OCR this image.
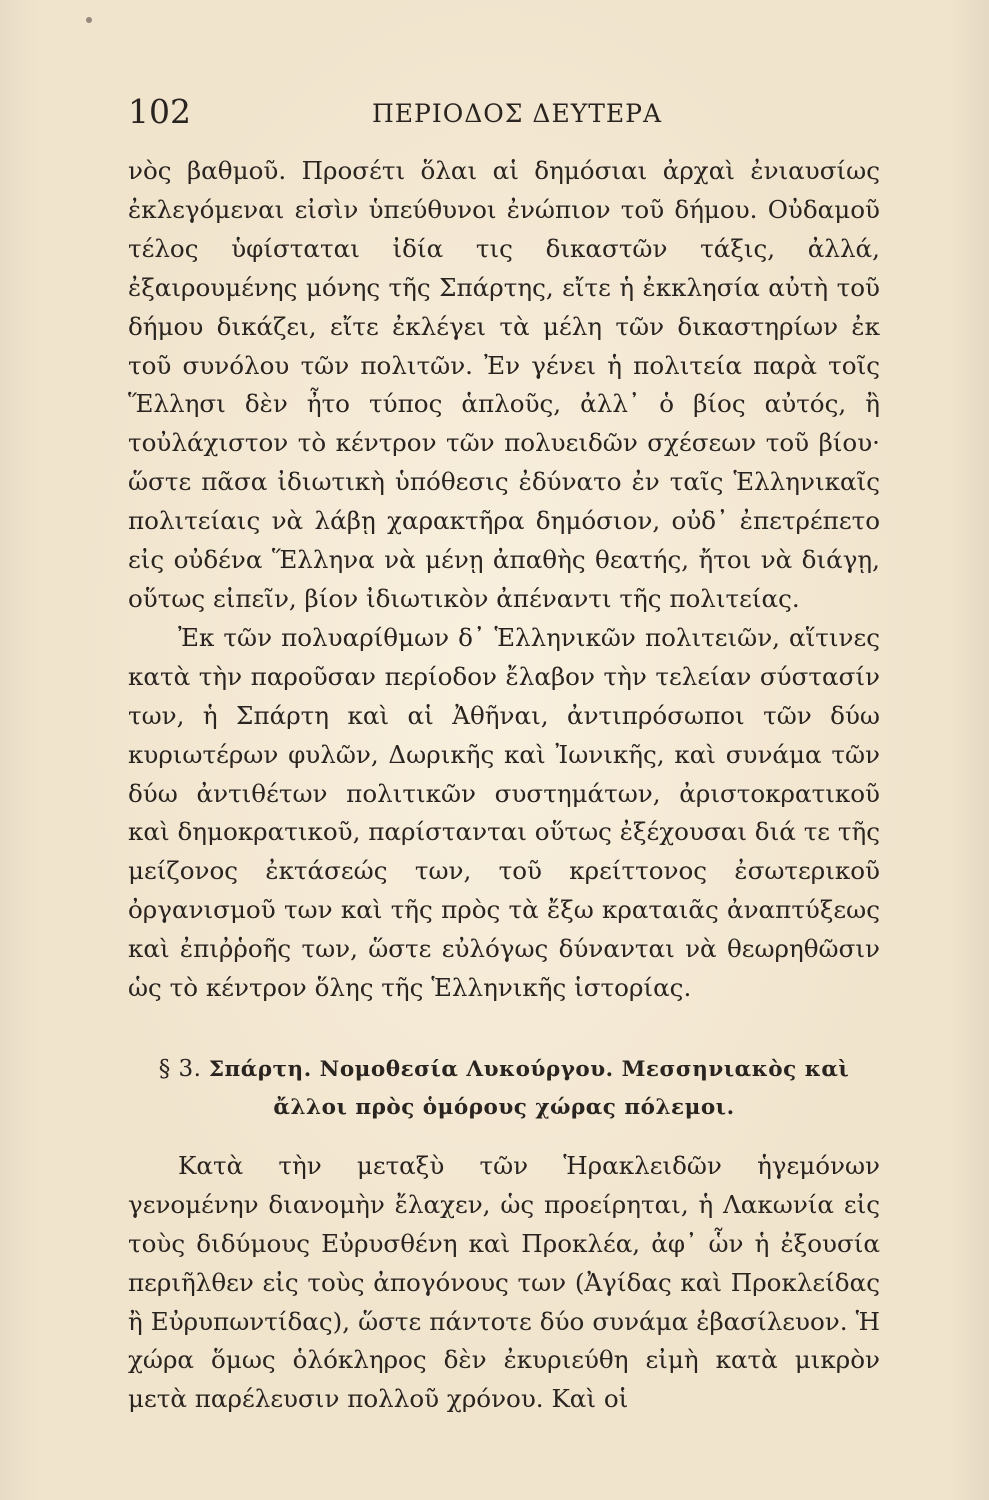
102	ΠΕΡΙΟΔΟΣ ΔΕΥΤΕΡΑ

νὸς βαθμοῦ. Προσέτι ὅλαι αἱ δημόσιαι ἀρχαὶ ἐνιαυσίως ἐκλεγόμεναι εἰσὶν ὑπεύθυνοι ἐνώπιον τοῦ δήμου. Οὐδαμοῦ τέλος ὑφίσταται ἰδία τις δικαστῶν τάξις, ἀλλά, ἐξαιρουμένης μόνης τῆς Σπάρτης, εἴτε ἡ ἐκκλησία αὐτὴ τοῦ δήμου δικάζει, εἴτε ἐκλέγει τὰ μέλη τῶν δικαστηρίων ἐκ τοῦ συνόλου τῶν πολιτῶν. Ἐν γένει ἡ πολιτεία παρὰ τοῖς Ἕλλησι δὲν ἦτο τύπος ἁπλοῦς, ἀλλ᾽ ὁ βίος αὐτός, ἢ τοὐλάχιστον τὸ κέντρον τῶν πολυειδῶν σχέσεων τοῦ βίου· ὥστε πᾶσα ἰδιωτικὴ ὑπόθεσις ἐδύνατο ἐν ταῖς Ἑλληνικαῖς πολιτείαις νὰ λάβῃ χαρακτῆρα δημόσιον, οὐδ᾽ ἐπετρέπετο εἰς οὐδένα Ἕλληνα νὰ μένῃ ἀπαθὴς θεατής, ἤτοι νὰ διάγῃ, οὕτως εἰπεῖν, βίον ἰδιωτικὸν ἀπέναντι τῆς πολιτείας.

Ἐκ τῶν πολυαρίθμων δ᾽ Ἑλληνικῶν πολιτειῶν, αἵτινες κατὰ τὴν παροῦσαν περίοδον ἔλαβον τὴν τελείαν σύστασίν των, ἡ Σπάρτη καὶ αἱ Ἀθῆναι, ἀντιπρόσωποι τῶν δύω κυριωτέρων φυλῶν, Δωρικῆς καὶ Ἰωνικῆς, καὶ συνάμα τῶν δύω ἀντιθέτων πολιτικῶν συστημάτων, ἀριστοκρατικοῦ καὶ δημοκρατικοῦ, παρίστανται οὕτως ἐξέχουσαι διά τε τῆς μείζονος ἐκτάσεώς των, τοῦ κρείττονος ἐσωτερικοῦ ὀργανισμοῦ των καὶ τῆς πρὸς τὰ ἔξω κραταιᾶς ἀναπτύξεως καὶ ἐπιῤῥοῆς των, ὥστε εὐλόγως δύνανται νὰ θεωρηθῶσιν ὡς τὸ κέντρον ὅλης τῆς Ἑλληνικῆς ἱστορίας.

§ 3. Σπάρτη. Νομοθεσία Λυκούργου. Μεσσηνιακὸς καὶ
ἄλλοι πρὸς ὁμόρους χώρας πόλεμοι.

Κατὰ τὴν μεταξὺ τῶν Ἡρακλειδῶν ἡγεμόνων γενομένην διανομὴν ἔλαχεν, ὡς προείρηται, ἡ Λακωνία εἰς τοὺς διδύμους Εὐρυσθένη καὶ Προκλέα, ἀφ᾽ ὧν ἡ ἐξουσία περιῆλθεν εἰς τοὺς ἀπογόνους των (Ἀγίδας καὶ Προκλείδας ἢ Εὐρυπωντίδας), ὥστε πάντοτε δύο συνάμα ἐβασίλευον. Ἡ χώρα ὅμως ὁλόκληρος δὲν ἐκυριεύθη εἰμὴ κατὰ μικρὸν μετὰ παρέλευσιν πολλοῦ χρόνου. Καὶ οἱ
